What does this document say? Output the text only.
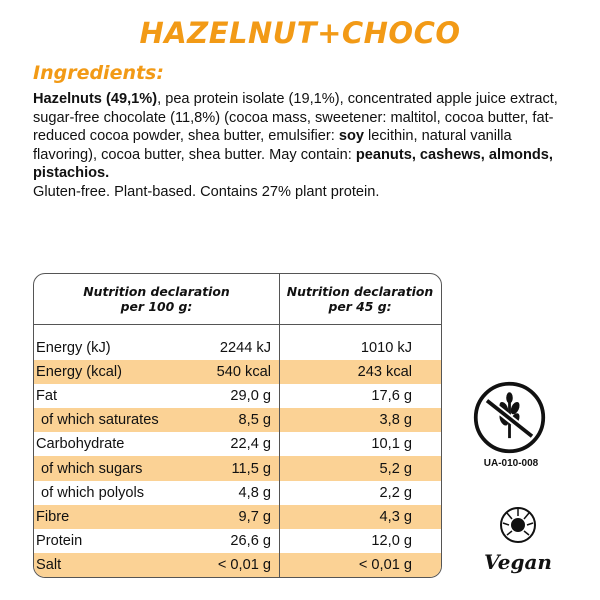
HAZELNUT+CHOCO
Ingredients:
Hazelnuts (49,1%), pea protein isolate (19,1%), concentrated apple juice extract, sugar-free chocolate (11,8%) (cocoa mass, sweetener: maltitol, cocoa butter, fat-reduced cocoa powder, shea butter, emulsifier: soy lecithin, natural vanilla flavoring), cocoa butter, shea butter. May contain: peanuts, cashews, almonds, pistachios.
Gluten-free. Plant-based. Contains 27% plant protein.
Nutrition declaration per 100 g:
Nutrition declaration per 45 g:
Energy (kJ)	2244 kJ	1010 kJ
Energy (kcal)	540 kcal	243 kcal
Fat	29,0 g	17,6 g
of which saturates	8,5 g	3,8 g
Carbohydrate	22,4 g	10,1 g
of which sugars	11,5 g	5,2 g
of which polyols	4,8 g	2,2 g
Fibre	9,7 g	4,3 g
Protein	26,6 g	12,0 g
Salt	< 0,01 g	< 0,01 g
UA-010-008
Vegan
